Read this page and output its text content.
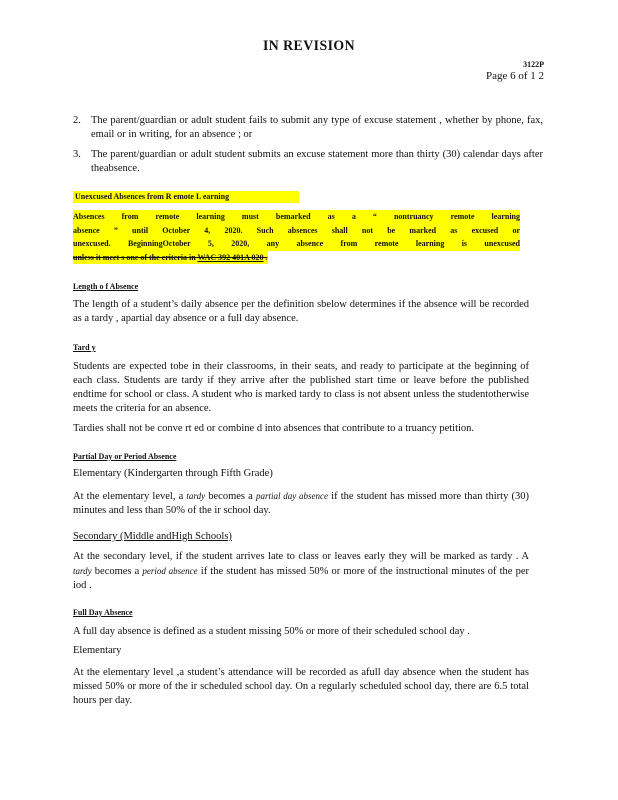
IN REVISION
3122P
Page 6 of 1 2
2. The parent/guardian or adult student fails to submit any type of excuse statement , whether by phone, fax, email or in writing, for an absence ; or
3. The parent/guardian or adult student submits an excuse statement more than thirty (30) calendar days after theabsence.
Unexcused Absences from R emote L earning
Absences from remote learning must bemarked as a “ nontruancy remote learning
absence ” until October 4, 2020. Such absences shall not be marked as excused or
unexcused. BeginningOctober 5, 2020, any absence from remote learning is unexcused
unless it meet s one of the criteria in WAC 392 401A 020 .
Length o f Absence
The length of a student’s daily absence per the definition sbelow determines if the absence will be recorded as a tardy , apartial day absence or a full day absence.
Tard y
Students are expected tobe in their classrooms, in their seats, and ready to participate at the beginning of each class. Students are tardy if they arrive after the published start time or leave before the published endtime for school or class. A student who is marked tardy to class is not absent unless the studentotherwise meets the criteria for an absence.
Tardies shall not be conve rt ed or combine d into absences that contribute to a truancy petition.
Partial Day or Period Absence
Elementary (Kindergarten through Fifth Grade)
At the elementary level, a tardy becomes a partial day absence if the student has missed more than thirty (30) minutes and less than 50% of the ir school day.
Secondary (Middle andHigh Schools)
At the secondary level, if the student arrives late to class or leaves early they will be marked as tardy . A tardy becomes a period absence if the student has missed 50% or more of the instructional minutes of the per iod .
Full Day Absence
A full day absence is defined as a student missing 50% or more of their scheduled school day .
Elementary
At the elementary level ,a student’s attendance will be recorded as afull day absence when the student has missed 50% or more of the ir scheduled school day. On a regularly scheduled school day, there are 6.5 total hours per day.
